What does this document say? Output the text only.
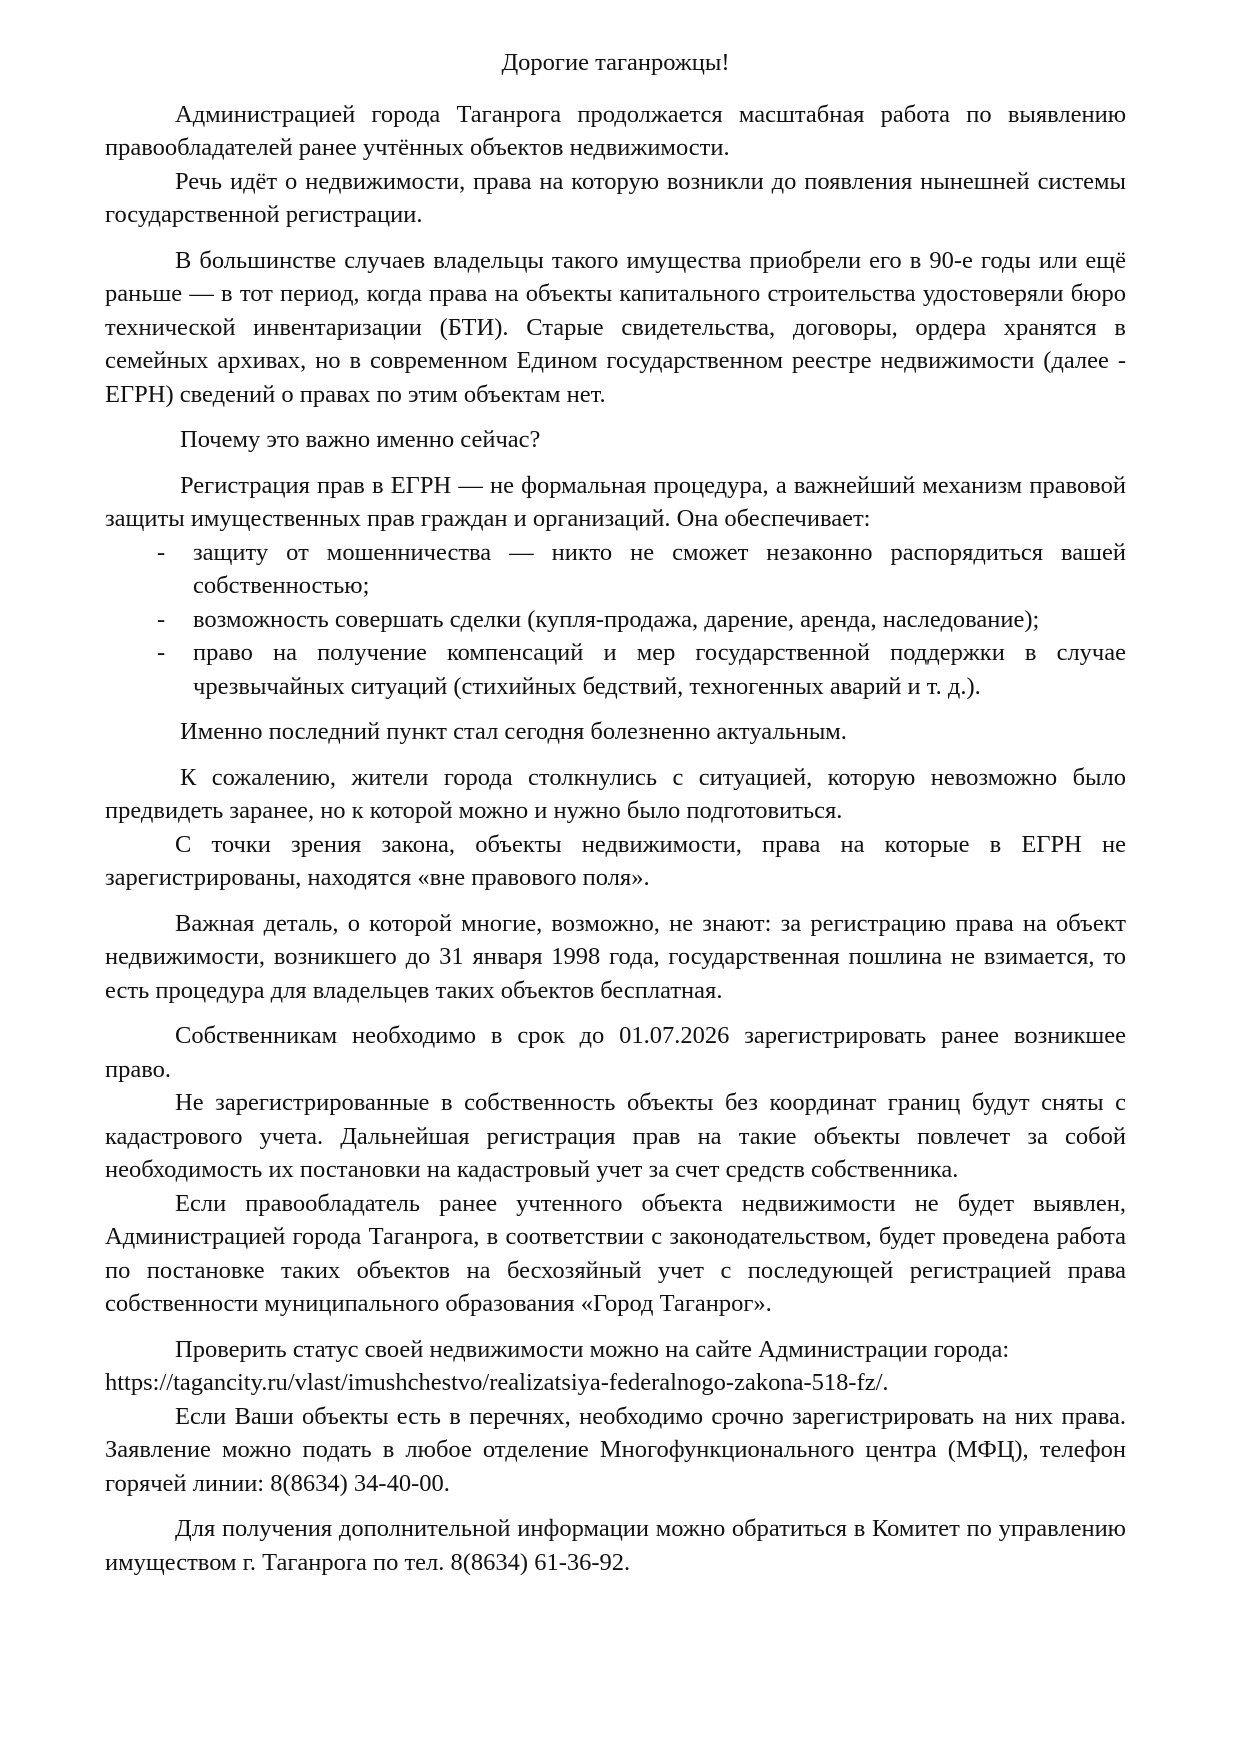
Дорогие таганрожцы!

Администрацией города Таганрога продолжается масштабная работа по выявлению правообладателей ранее учтённых объектов недвижимости.

Речь идёт о недвижимости, права на которую возникли до появления нынешней системы государственной регистрации.

В большинстве случаев владельцы такого имущества приобрели его в 90-е годы или ещё раньше — в тот период, когда права на объекты капитального строительства удостоверяли бюро технической инвентаризации (БТИ). Старые свидетельства, договоры, ордера хранятся в семейных архивах, но в современном Едином государственном реестре недвижимости (далее - ЕГРН) сведений о правах по этим объектам нет.

Почему это важно именно сейчас?

Регистрация прав в ЕГРН — не формальная процедура, а важнейший механизм правовой защиты имущественных прав граждан и организаций. Она обеспечивает:

- защиту от мошенничества — никто не сможет незаконно распорядиться вашей собственностью;
- возможность совершать сделки (купля-продажа, дарение, аренда, наследование);
- право на получение компенсаций и мер государственной поддержки в случае чрезвычайных ситуаций (стихийных бедствий, техногенных аварий и т. д.).

Именно последний пункт стал сегодня болезненно актуальным.

К сожалению, жители города столкнулись с ситуацией, которую невозможно было предвидеть заранее, но к которой можно и нужно было подготовиться.

С точки зрения закона, объекты недвижимости, права на которые в ЕГРН не зарегистрированы, находятся «вне правового поля».

Важная деталь, о которой многие, возможно, не знают: за регистрацию права на объект недвижимости, возникшего до 31 января 1998 года, государственная пошлина не взимается, то есть процедура для владельцев таких объектов бесплатная.

Собственникам необходимо в срок до 01.07.2026 зарегистрировать ранее возникшее право.

Не зарегистрированные в собственность объекты без координат границ будут сняты с кадастрового учета. Дальнейшая регистрация прав на такие объекты повлечет за собой необходимость их постановки на кадастровый учет за счет средств собственника.

Если правообладатель ранее учтенного объекта недвижимости не будет выявлен, Администрацией города Таганрога, в соответствии с законодательством, будет проведена работа по постановке таких объектов на бесхозяйный учет с последующей регистрацией права собственности муниципального образования «Город Таганрог».

Проверить статус своей недвижимости можно на сайте Администрации города:

https://tagancity.ru/vlast/imushchestvo/realizatsiya-federalnogo-zakona-518-fz/.

Если Ваши объекты есть в перечнях, необходимо срочно зарегистрировать на них права. Заявление можно подать в любое отделение Многофункционального центра (МФЦ), телефон горячей линии: 8(8634) 34-40-00.

Для получения дополнительной информации можно обратиться в Комитет по управлению имуществом г. Таганрога по тел. 8(8634) 61-36-92.
